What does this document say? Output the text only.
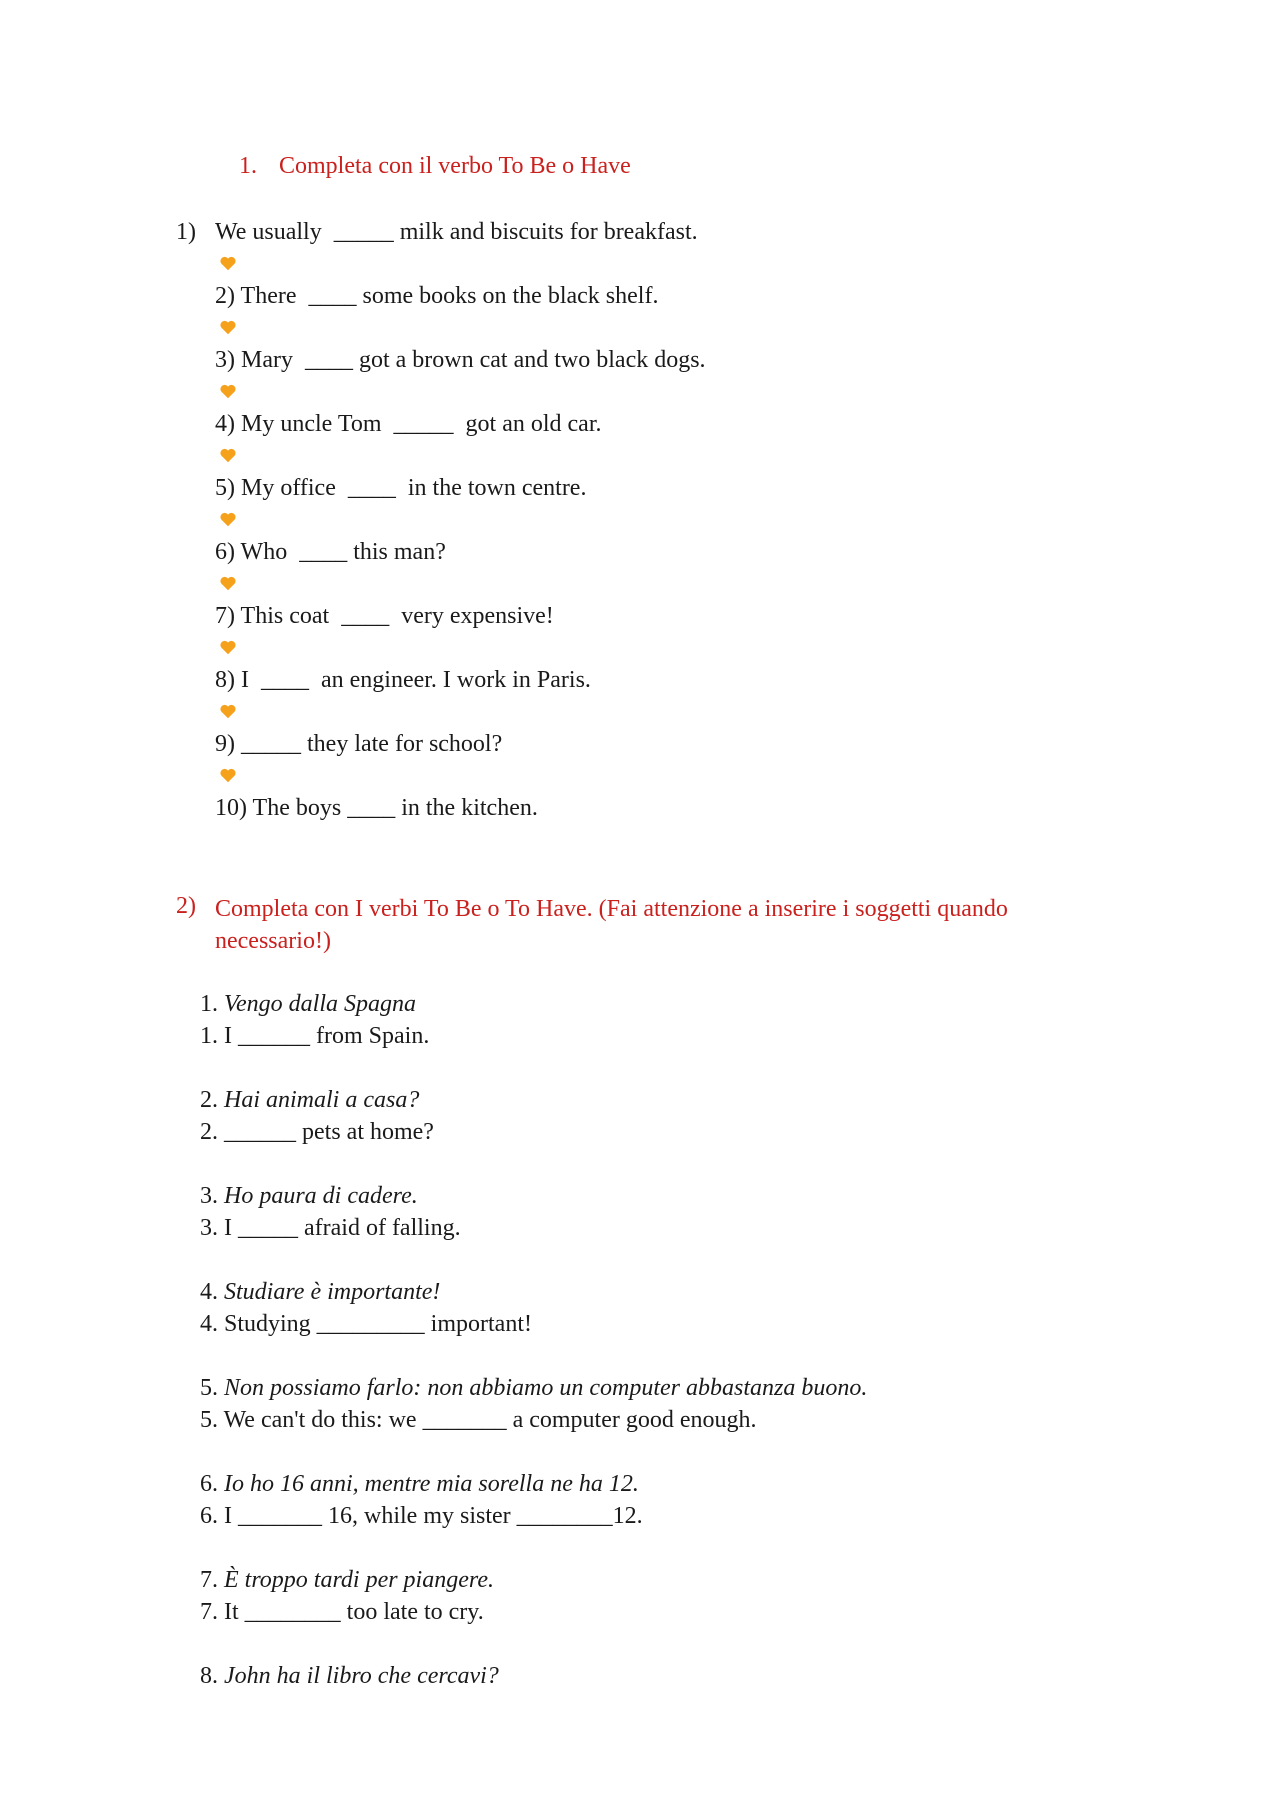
1. Completa con il verbo To Be o Have
1) We usually  _____ milk and biscuits for breakfast.
2) There  ____ some books on the black shelf.
3) Mary  ____ got a brown cat and two black dogs.
4) My uncle Tom  _____  got an old car.
5) My office  ____  in the town centre.
6) Who  ____ this man?
7) This coat  ____  very expensive!
8) I  ____  an engineer. I work in Paris.
9) _____ they late for school?
10) The boys ____ in the kitchen.
2) Completa con I verbi To Be o To Have. (Fai attenzione a inserire i soggetti quando necessario!)
1. Vengo dalla Spagna
1. I ______ from Spain.
2. Hai animali a casa?
2. ______ pets at home?
3. Ho paura di cadere.
3. I _____ afraid of falling.
4. Studiare è importante!
4. Studying _________ important!
5. Non possiamo farlo: non abbiamo un computer abbastanza buono.
5. We can't do this: we _______ a computer good enough.
6. Io ho 16 anni, mentre mia sorella ne ha 12.
6. I _______ 16, while my sister ________12.
7. È troppo tardi per piangere.
7. It ________ too late to cry.
8. John ha il libro che cercavi?
